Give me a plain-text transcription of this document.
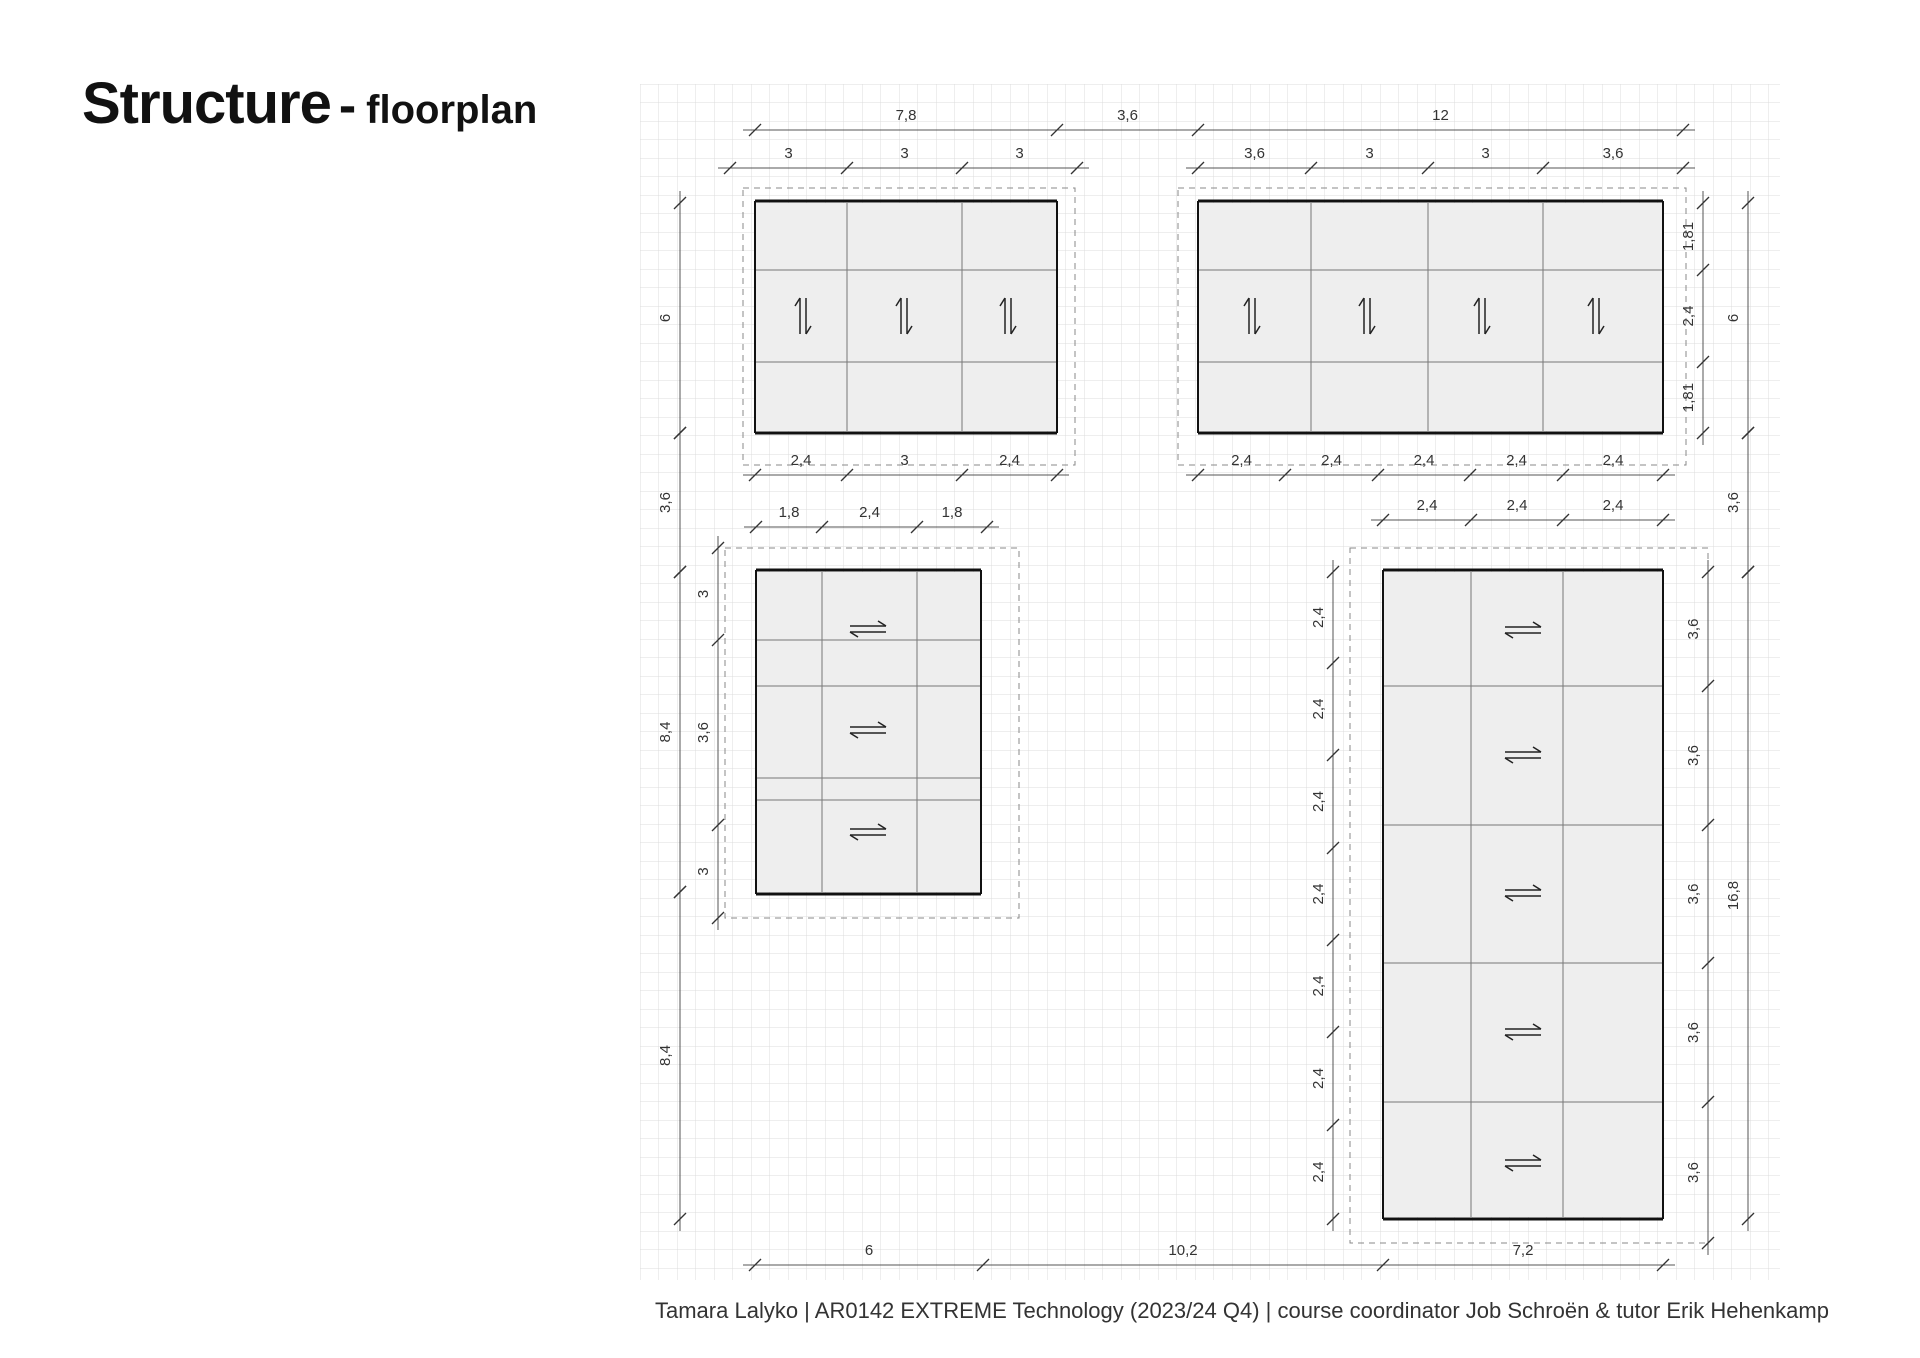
Structure - floorplan	7,8	3,6	12
3	3	3	3,6	3	3	3,6
2,4	3	2,4	2,4	2,4	2,4	2,4	2,4
1,8	2,4	1,8	2,4	2,4	2,4
6	10,2	7,2
6
3,6
8,4
8,4
3
3,6
3
1,81
2,4
1,81
6
3,6
16,8
3,6
3,6
3,6
3,6
3,6
2,4
2,4
2,4
2,4
2,4
2,4
2,4
Tamara Lalyko | AR0142 EXTREME Technology (2023/24 Q4) | course coordinator Job Schroën & tutor Erik Hehenkamp
